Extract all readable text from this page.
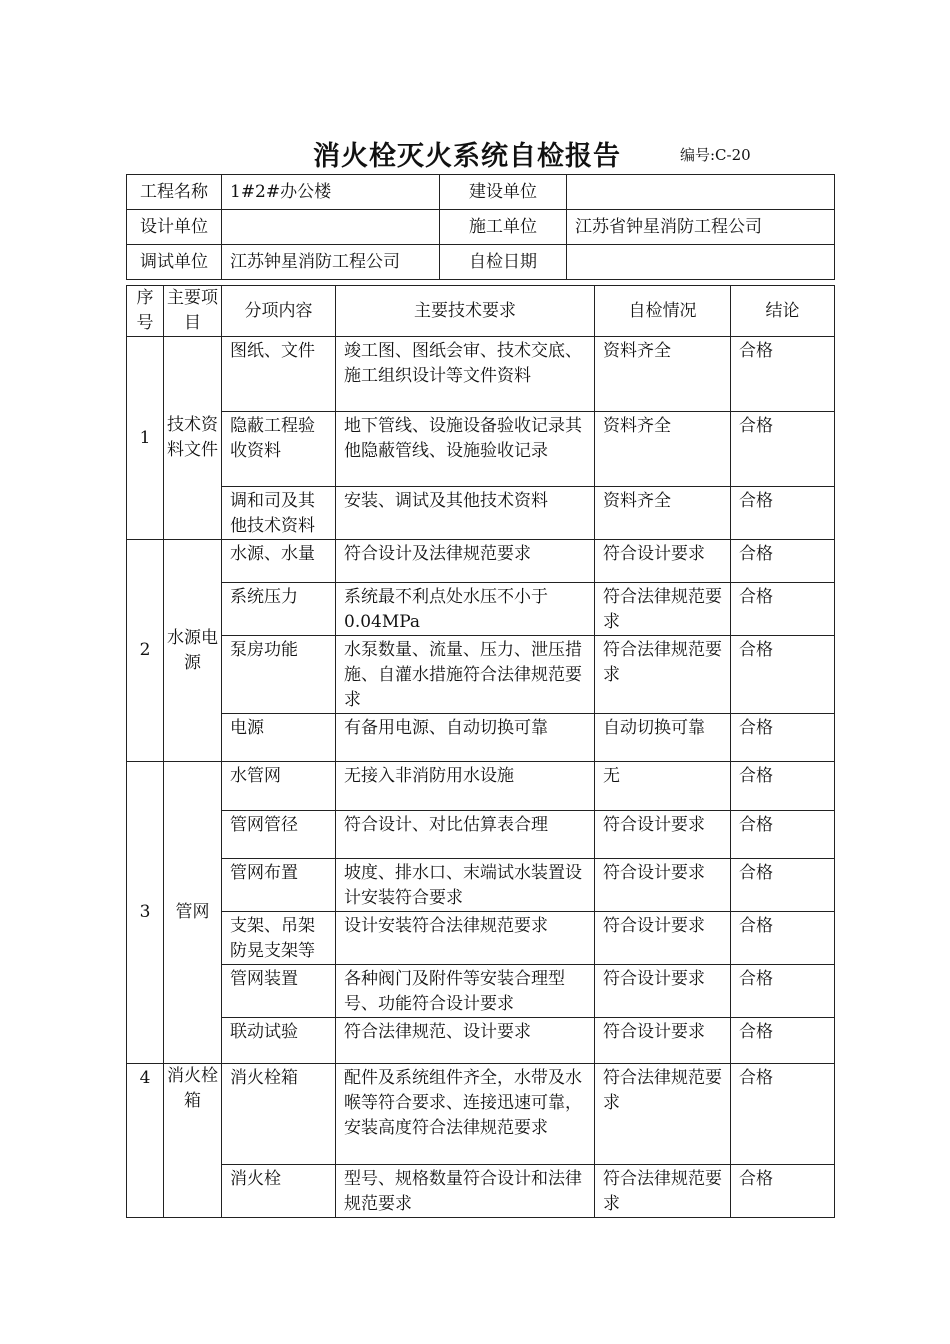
消火栓灭火系统自检报告	编号:C-20
工程名称	1#2#办公楼	建设单位	
设计单位		施工单位	江苏省钟星消防工程公司
调试单位	江苏钟星消防工程公司	自检日期	
序号	主要项目	分项内容	主要技术要求	自检情况	结论
1	技术资料文件	图纸、文件	竣工图、图纸会审、技术交底、施工组织设计等文件资料	资料齐全	合格
		隐蔽工程验收资料	地下管线、设施设备验收记录其他隐蔽管线、设施验收记录	资料齐全	合格
		调和司及其他技术资料	安装、调试及其他技术资料	资料齐全	合格
2	水源电源	水源、水量	符合设计及法律规范要求	符合设计要求	合格
		系统压力	系统最不利点处水压不小于0.04MPa	符合法律规范要求	合格
		泵房功能	水泵数量、流量、压力、泄压措施、自灌水措施符合法律规范要求	符合法律规范要求	合格
		电源	有备用电源、自动切换可靠	自动切换可靠	合格
3	管网	水管网	无接入非消防用水设施	无	合格
		管网管径	符合设计、对比估算表合理	符合设计要求	合格
		管网布置	坡度、排水口、末端试水装置设计安装符合要求	符合设计要求	合格
		支架、吊架防晃支架等	设计安装符合法律规范要求	符合设计要求	合格
		管网装置	各种阀门及附件等安装合理型号、功能符合设计要求	符合设计要求	合格
		联动试验	符合法律规范、设计要求	符合设计要求	合格
4	消火栓箱	消火栓箱	配件及系统组件齐全，水带及水喉等符合要求、连接迅速可靠，安装高度符合法律规范要求	符合法律规范要求	合格
		消火栓	型号、规格数量符合设计和法律规范要求	符合法律规范要求	合格
